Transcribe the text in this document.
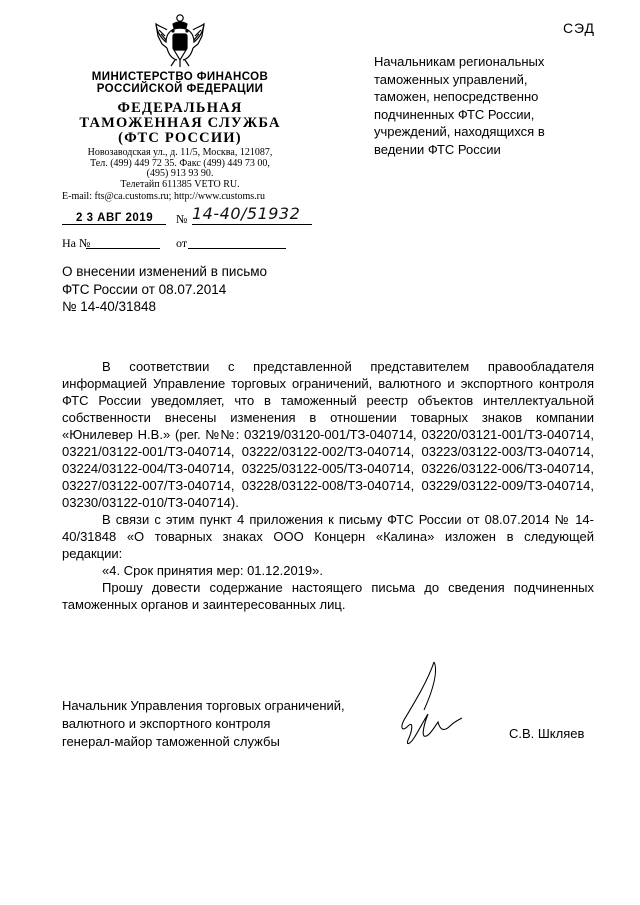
СЭД
МИНИСТЕРСТВО ФИНАНСОВ
РОССИЙСКОЙ ФЕДЕРАЦИИ
ФЕДЕРАЛЬНАЯ
ТАМОЖЕННАЯ СЛУЖБА
(ФТС РОССИИ)
Новозаводская ул., д. 11/5, Москва, 121087,
Тел. (499) 449 72 35. Факс (499) 449 73 00,
(495) 913 93 90.
Телетайп 611385 VETO RU.
E-mail: fts@ca.customs.ru; http://www.customs.ru
Начальникам региональных
таможенных управлений,
таможен, непосредственно
подчиненных ФТС России,
учреждений, находящихся в
ведении ФТС России
2 3 АВГ 2019 № 14-40/51932
На №	от
О внесении изменений в письмо
ФТС России от 08.07.2014
№ 14-40/31848

В соответствии с представленной представителем правообладателя информацией Управление торговых ограничений, валютного и экспортного контроля ФТС России уведомляет, что в таможенный реестр объектов интеллектуальной собственности внесены изменения в отношении товарных знаков компании «Юнилевер Н.В.» (рег. №№: 03219/03120-001/ТЗ-040714, 03220/03121-001/ТЗ-040714, 03221/03122-001/ТЗ-040714, 03222/03122-002/ТЗ-040714, 03223/03122-003/ТЗ-040714, 03224/03122-004/ТЗ-040714, 03225/03122-005/ТЗ-040714, 03226/03122-006/ТЗ-040714, 03227/03122-007/ТЗ-040714, 03228/03122-008/ТЗ-040714, 03229/03122-009/ТЗ-040714, 03230/03122-010/ТЗ-040714).

В связи с этим пункт 4 приложения к письму ФТС России от 08.07.2014 № 14-40/31848 «О товарных знаках ООО Концерн «Калина» изложен в следующей редакции:

«4. Срок принятия мер: 01.12.2019».

Прошу довести содержание настоящего письма до сведения подчиненных таможенных органов и заинтересованных лиц.

Начальник Управления торговых ограничений,
валютного и экспортного контроля
генерал-майор таможенной службы
С.В. Шкляев
